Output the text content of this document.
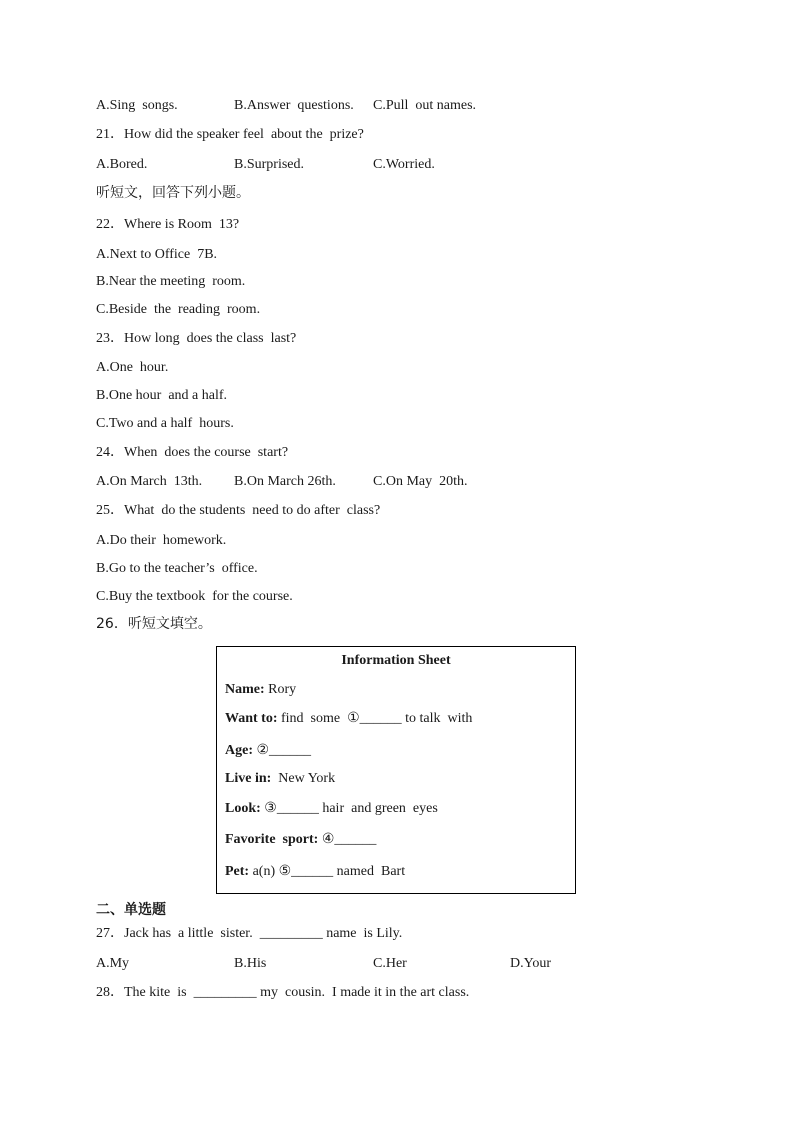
A.Sing  songs.	B.Answer  questions. C.Pull  out names.
21．How did the speaker feel  about the  prize?
A.Bored.	B.Surprised.	C.Worried.
听短文，回答下列小题。
22．Where is Room  13?
A.Next to Office  7B.
B.Near the meeting  room.
C.Beside  the  reading  room.
23．How long  does the class  last?
A.One  hour.
B.One hour  and a half.
C.Two and a half  hours.
24．When  does the course  start?
A.On March  13th. B.On March 26th.	C.On May  20th.
25．What  do the students  need to do after  class?
A.Do their  homework.
B.Go to the teacher’s  office.
C.Buy the textbook  for the course.
26．听短文填空。
Information Sheet
Name: Rory
Want to: find  some  ①______ to talk  with
Age: ②______
Live in:  New York
Look: ③______ hair  and green  eyes
Favorite  sport: ④______
Pet: a(n) ⑤______ named  Bart
二、单选题
27．Jack has  a little  sister.  _________ name  is Lily.
A.My	B.His	C.Her	D.Your
28．The kite  is  _________ my  cousin.  I made it in the art class.
